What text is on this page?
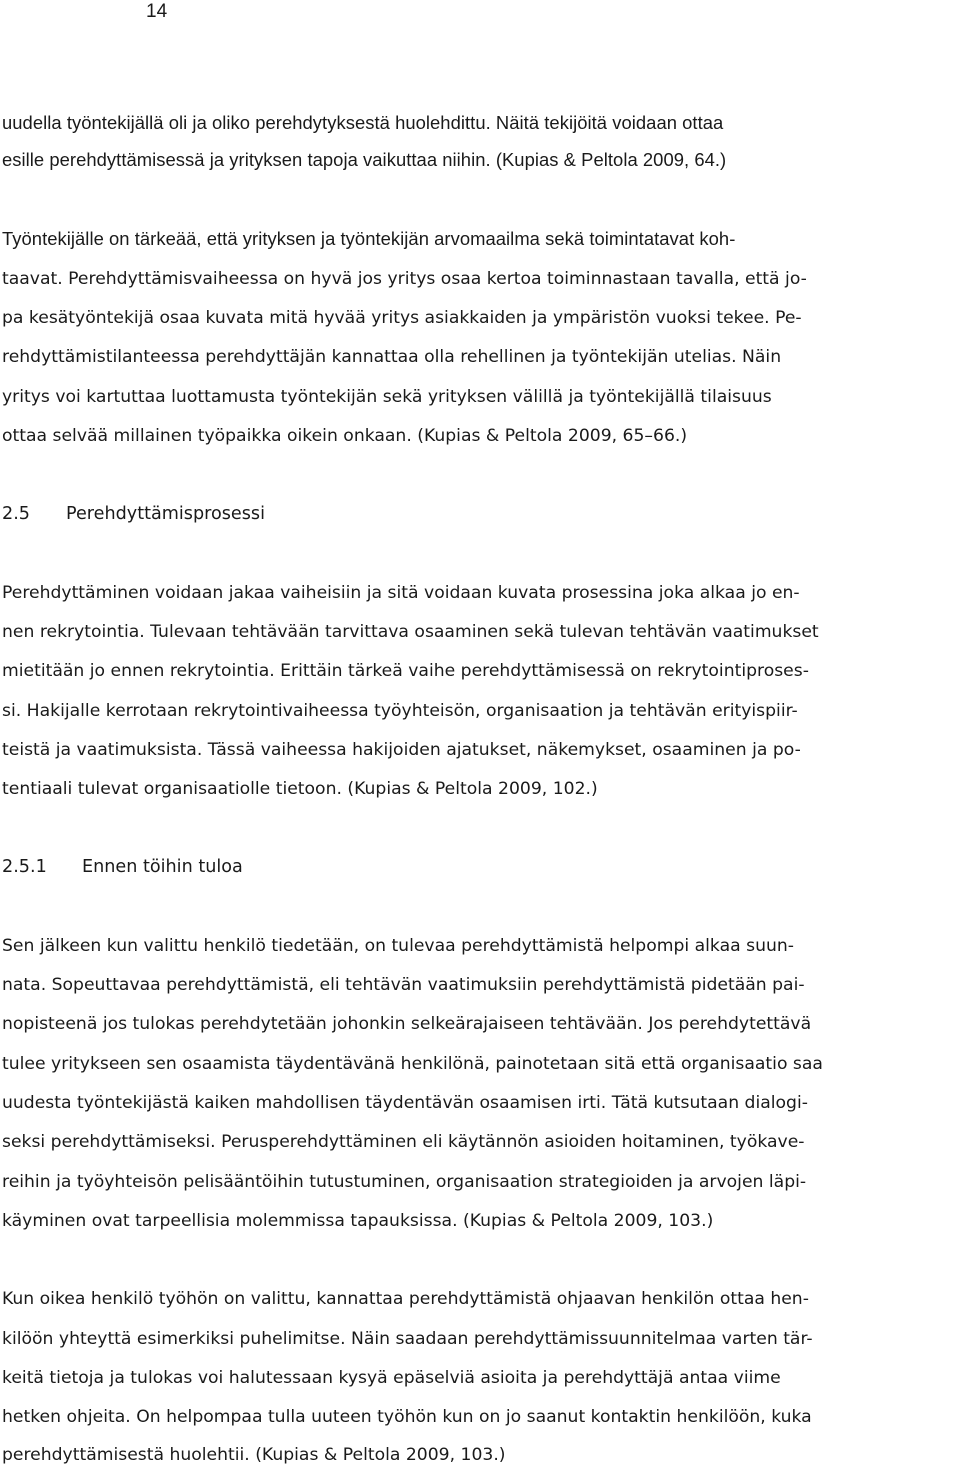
14
uudella työntekijällä oli ja oliko perehdytyksestä huolehdittu. Näitä tekijöitä voidaan ottaa
esille perehdyttämisessä ja yrityksen tapoja vaikuttaa niihin. (Kupias & Peltola 2009, 64.)
Työntekijälle on tärkeää, että yrityksen ja työntekijän arvomaailma sekä toimintatavat koh-
taavat. Perehdyttämisvaiheessa on hyvä jos yritys osaa kertoa toiminnastaan tavalla, että jo-
pa kesätyöntekijä osaa kuvata mitä hyvää yritys asiakkaiden ja ympäristön vuoksi tekee. Pe-
rehdyttämistilanteessa perehdyttäjän kannattaa olla rehellinen ja työntekijän utelias. Näin
yritys voi kartuttaa luottamusta työntekijän sekä yrityksen välillä ja työntekijällä tilaisuus
ottaa selvää millainen työpaikka oikein onkaan. (Kupias & Peltola 2009, 65–66.)
2.5 Perehdyttämisprosessi
Perehdyttäminen voidaan jakaa vaiheisiin ja sitä voidaan kuvata prosessina joka alkaa jo en-
nen rekrytointia. Tulevaan tehtävään tarvittava osaaminen sekä tulevan tehtävän vaatimukset
mietitään jo ennen rekrytointia. Erittäin tärkeä vaihe perehdyttämisessä on rekrytointiproses-
si. Hakijalle kerrotaan rekrytointivaiheessa työyhteisön, organisaation ja tehtävän erityispiir-
teistä ja vaatimuksista. Tässä vaiheessa hakijoiden ajatukset, näkemykset, osaaminen ja po-
tentiaali tulevat organisaatiolle tietoon. (Kupias & Peltola 2009, 102.)
2.5.1 Ennen töihin tuloa
Sen jälkeen kun valittu henkilö tiedetään, on tulevaa perehdyttämistä helpompi alkaa suun-
nata. Sopeuttavaa perehdyttämistä, eli tehtävän vaatimuksiin perehdyttämistä pidetään pai-
nopisteenä jos tulokas perehdytetään johonkin selkeärajaiseen tehtävään. Jos perehdytettävä
tulee yritykseen sen osaamista täydentävänä henkilönä, painotetaan sitä että organisaatio saa
uudesta työntekijästä kaiken mahdollisen täydentävän osaamisen irti. Tätä kutsutaan dialogi-
seksi perehdyttämiseksi. Perusperehdyttäminen eli käytännön asioiden hoitaminen, työkave-
reihin ja työyhteisön pelisääntöihin tutustuminen, organisaation strategioiden ja arvojen läpi-
käyminen ovat tarpeellisia molemmissa tapauksissa. (Kupias & Peltola 2009, 103.)
Kun oikea henkilö työhön on valittu, kannattaa perehdyttämistä ohjaavan henkilön ottaa hen-
kilöön yhteyttä esimerkiksi puhelimitse. Näin saadaan perehdyttämissuunnitelmaa varten tär-
keitä tietoja ja tulokas voi halutessaan kysyä epäselviä asioita ja perehdyttäjä antaa viime
hetken ohjeita. On helpompaa tulla uuteen työhön kun on jo saanut kontaktin henkilöön, kuka
perehdyttämisestä huolehtii. (Kupias & Peltola 2009, 103.)
